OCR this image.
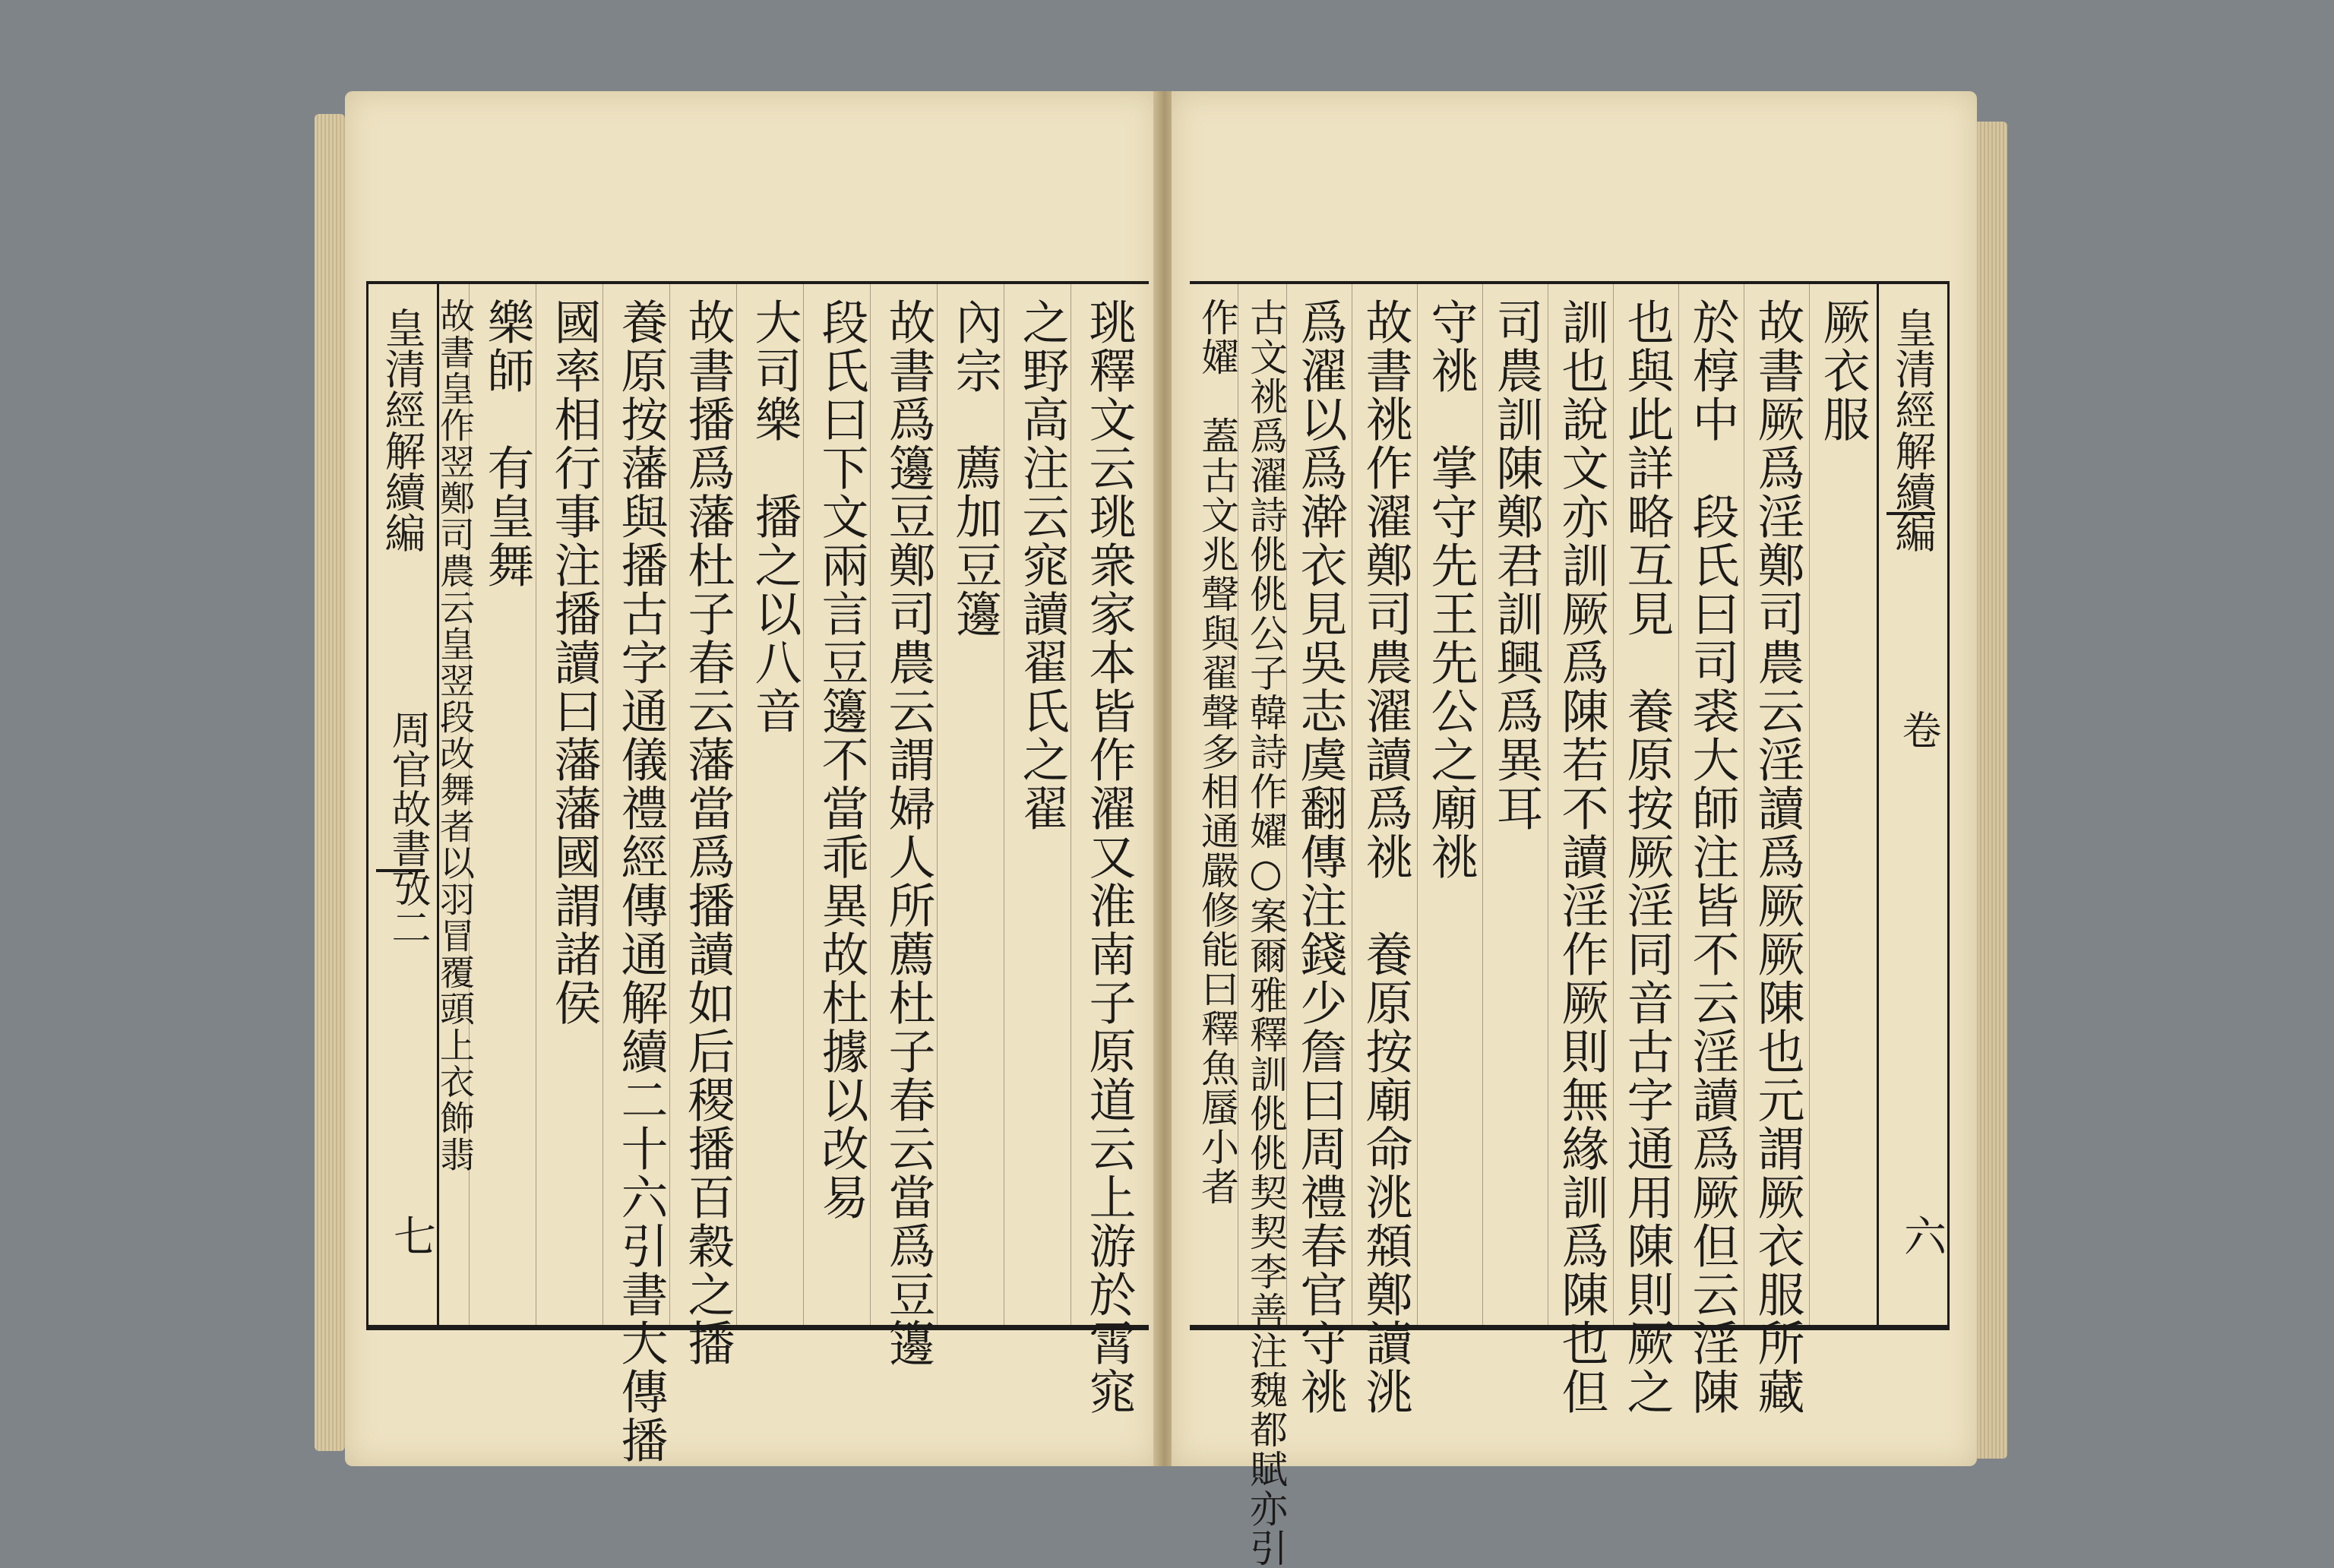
皇清經解續編
周官故書攷二
七	珧釋文云珧衆家本皆作濯又淮南子原道云上游於霄窕
之野高注云窕讀翟氏之翟
內宗　薦加豆籩
故書爲籩豆鄭司農云謂婦人所薦杜子春云當爲豆籩
段氏曰下文兩言豆籩不當乖異故杜據以改易
大司樂　播之以八音
故書播爲藩杜子春云藩當爲播讀如后稷播百穀之播
養原按藩與播古字通儀禮經傳通解續二十六引書大傳播
國率相行事注播讀曰藩藩國謂諸侯
樂師　有皇舞
故書皇作翌鄭司農云皇翌段改舞者以羽冒覆頭上衣飾翡	皇清經解續編
卷
六
厥衣服
故書厥爲淫鄭司農云淫讀爲厥厥陳也元謂厥衣服所藏
於椁中　段氏曰司裘大師注皆不云淫讀爲厥但云淫陳
也與此詳略互見　養原按厥淫同音古字通用陳則厥之
訓也說文亦訓厥爲陳若不讀淫作厥則無緣訓爲陳也但
司農訓陳鄭君訓興爲異耳
守祧　掌守先王先公之廟祧
故書祧作濯鄭司農濯讀爲祧　養原按廟命洮頮鄭讀洮
爲濯以爲澣衣見吳志虞翻傳注錢少詹曰周禮春官守祧
古文祧爲濯詩佻佻公子韓詩作嬥○案爾雅釋訓佻佻契契李善注魏都賦亦引
作嬥　蓋古文兆聲與翟聲多相通嚴修能曰釋魚蜃小者
